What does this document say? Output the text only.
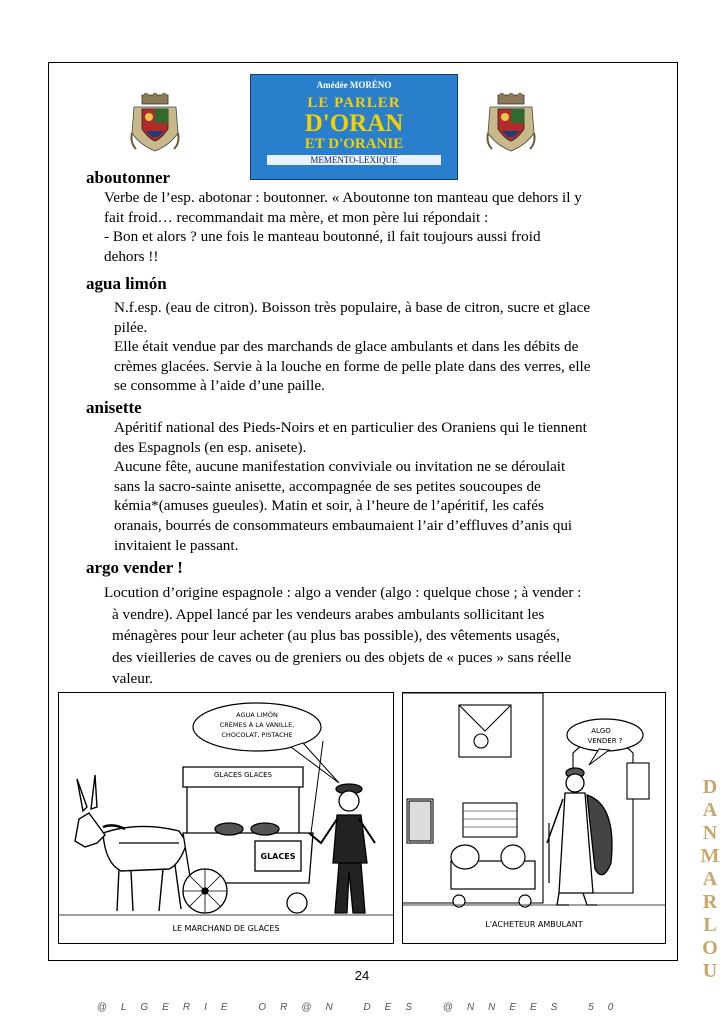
Amédée MORÉNO
LE PARLER
D'ORAN
ET D'ORANIE
MEMENTO-LEXIQUE
aboutonner
Verbe de l’esp. abotonar : boutonner. « Aboutonne ton manteau que dehors il y
fait froid… recommandait ma mère, et mon père lui répondait :
- Bon et alors ? une fois le manteau boutonné, il fait toujours aussi froid
dehors !!
agua limón
N.f.esp. (eau de citron). Boisson très populaire, à base de citron, sucre et glace
pilée.
Elle était vendue par des marchands de glace ambulants et dans les débits de
crèmes glacées. Servie à la louche en forme de pelle plate dans des verres, elle
se consomme à l’aide d’une paille.
anisette
Apéritif national des Pieds-Noirs et en particulier des Oraniens qui le tiennent
des Espagnols (en esp. anisete).
Aucune fête, aucune manifestation conviviale ou invitation ne se déroulait
sans la sacro-sainte anisette, accompagnée de ses petites soucoupes de
kémia*(amuses gueules). Matin et soir, à l’heure de l’apéritif, les cafés
oranais, bourrés de consommateurs embaumaient l’air d’effluves d’anis qui
invitaient le passant.
argo vender !
Locution d’origine espagnole : algo a vender (algo : quelque chose ; à vender :
à vendre). Appel lancé par les vendeurs arabes ambulants sollicitant les
ménagères pour leur acheter (au plus bas possible), des vêtements usagés,
des vieilleries de caves ou de greniers ou des objets de « puces » sans réelle
valeur.
AGUA LIMÓN
CRÈMES À LA VANILLE,
CHOCOLAT, PISTACHE
GLACES GLACES
GLACES
LE MARCHAND DE GLACES
ALGO
VENDER ?
L'ACHETEUR AMBULANT
24
@LGERIE OR@N DES @NNEES 50
D
A
N
M
A
R
L
O
U
